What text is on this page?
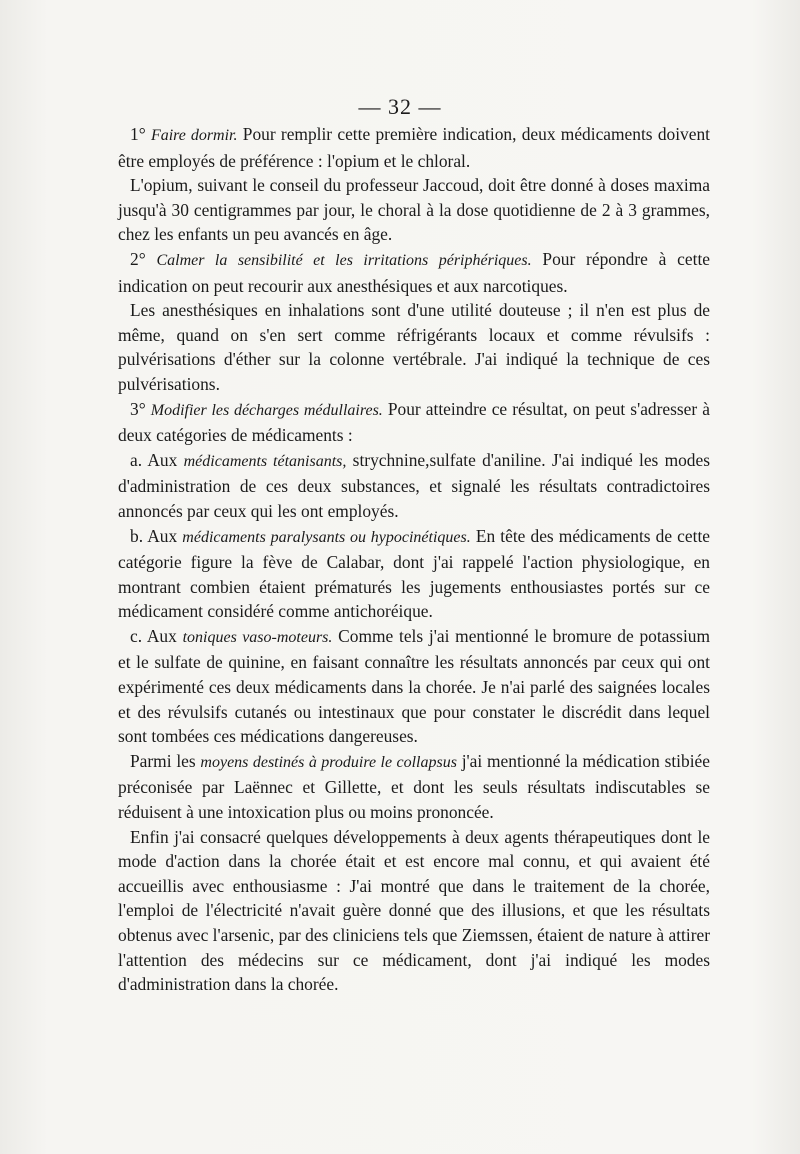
— 32 —

1° Faire dormir. Pour remplir cette première indication, deux médicaments doivent être employés de préférence : l'opium et le chloral.

L'opium, suivant le conseil du professeur Jaccoud, doit être donné à doses maxima jusqu'à 30 centigrammes par jour, le choral à la dose quotidienne de 2 à 3 grammes, chez les enfants un peu avancés en âge.

2° Calmer la sensibilité et les irritations périphériques. Pour répondre à cette indication on peut recourir aux anesthésiques et aux narcotiques.

Les anesthésiques en inhalations sont d'une utilité douteuse ; il n'en est plus de même, quand on s'en sert comme réfrigérants locaux et comme révulsifs : pulvérisations d'éther sur la colonne vertébrale. J'ai indiqué la technique de ces pulvérisations.

3° Modifier les décharges médullaires. Pour atteindre ce résultat, on peut s'adresser à deux catégories de médicaments :

a. Aux médicaments tétanisants, strychnine,sulfate d'aniline. J'ai indiqué les modes d'administration de ces deux substances, et signalé les résultats contradictoires annoncés par ceux qui les ont employés.

b. Aux médicaments paralysants ou hypocinétiques. En tête des médicaments de cette catégorie figure la fève de Calabar, dont j'ai rappelé l'action physiologique, en montrant combien étaient prématurés les jugements enthousiastes portés sur ce médicament considéré comme antichoréique.

c. Aux toniques vaso-moteurs. Comme tels j'ai mentionné le bromure de potassium et le sulfate de quinine, en faisant connaître les résultats annoncés par ceux qui ont expérimenté ces deux médicaments dans la chorée. Je n'ai parlé des saignées locales et des révulsifs cutanés ou intestinaux que pour constater le discrédit dans lequel sont tombées ces médications dangereuses.

Parmi les moyens destinés à produire le collapsus j'ai mentionné la médication stibiée préconisée par Laënnec et Gillette, et dont les seuls résultats indiscutables se réduisent à une intoxication plus ou moins prononcée.

Enfin j'ai consacré quelques développements à deux agents thérapeutiques dont le mode d'action dans la chorée était et est encore mal connu, et qui avaient été accueillis avec enthousiasme : J'ai montré que dans le traitement de la chorée, l'emploi de l'électricité n'avait guère donné que des illusions, et que les résultats obtenus avec l'arsenic, par des cliniciens tels que Ziemssen, étaient de nature à attirer l'attention des médecins sur ce médicament, dont j'ai indiqué les modes d'administration dans la chorée.
